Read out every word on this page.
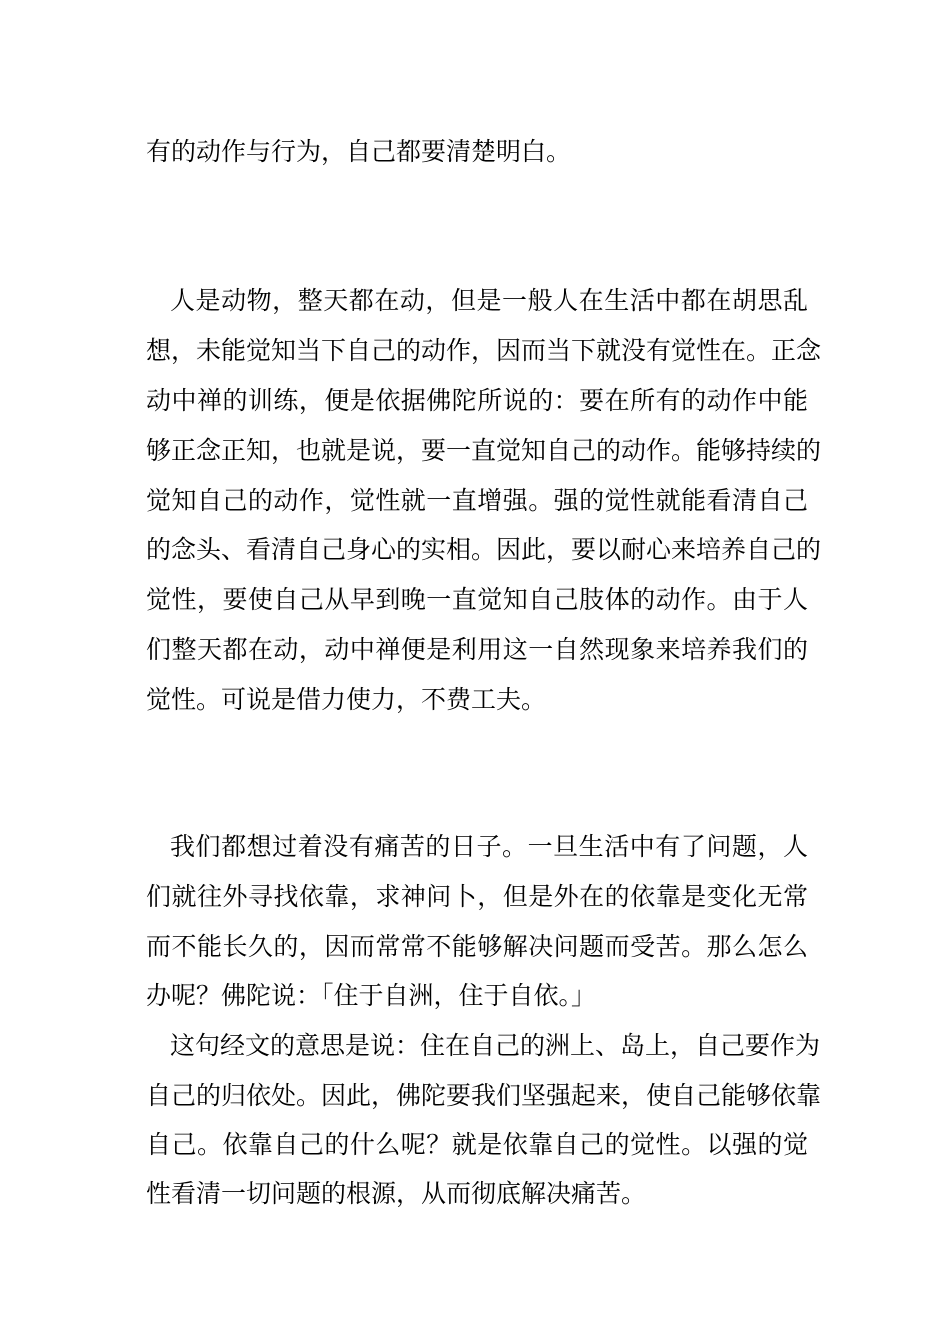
有的动作与行为，自己都要清楚明白。
人是动物，整天都在动，但是一般人在生活中都在胡思乱
想，未能觉知当下自己的动作，因而当下就没有觉性在。正念
动中禅的训练，便是依据佛陀所说的：要在所有的动作中能
够正念正知，也就是说，要一直觉知自己的动作。能够持续的
觉知自己的动作，觉性就一直增强。强的觉性就能看清自己
的念头、看清自己身心的实相。因此，要以耐心来培养自己的
觉性，要使自己从早到晚一直觉知自己肢体的动作。由于人
们整天都在动，动中禅便是利用这一自然现象来培养我们的
觉性。可说是借力使力，不费工夫。
我们都想过着没有痛苦的日子。一旦生活中有了问题，人
们就往外寻找依靠，求神问卜，但是外在的依靠是变化无常
而不能长久的，因而常常不能够解决问题而受苦。那么怎么
办呢？佛陀说：「住于自洲，住于自依。」
这句经文的意思是说：住在自己的洲上、岛上，自己要作为
自己的归依处。因此，佛陀要我们坚强起来，使自己能够依靠
自己。依靠自己的什么呢？就是依靠自己的觉性。以强的觉
性看清一切问题的根源，从而彻底解决痛苦。
